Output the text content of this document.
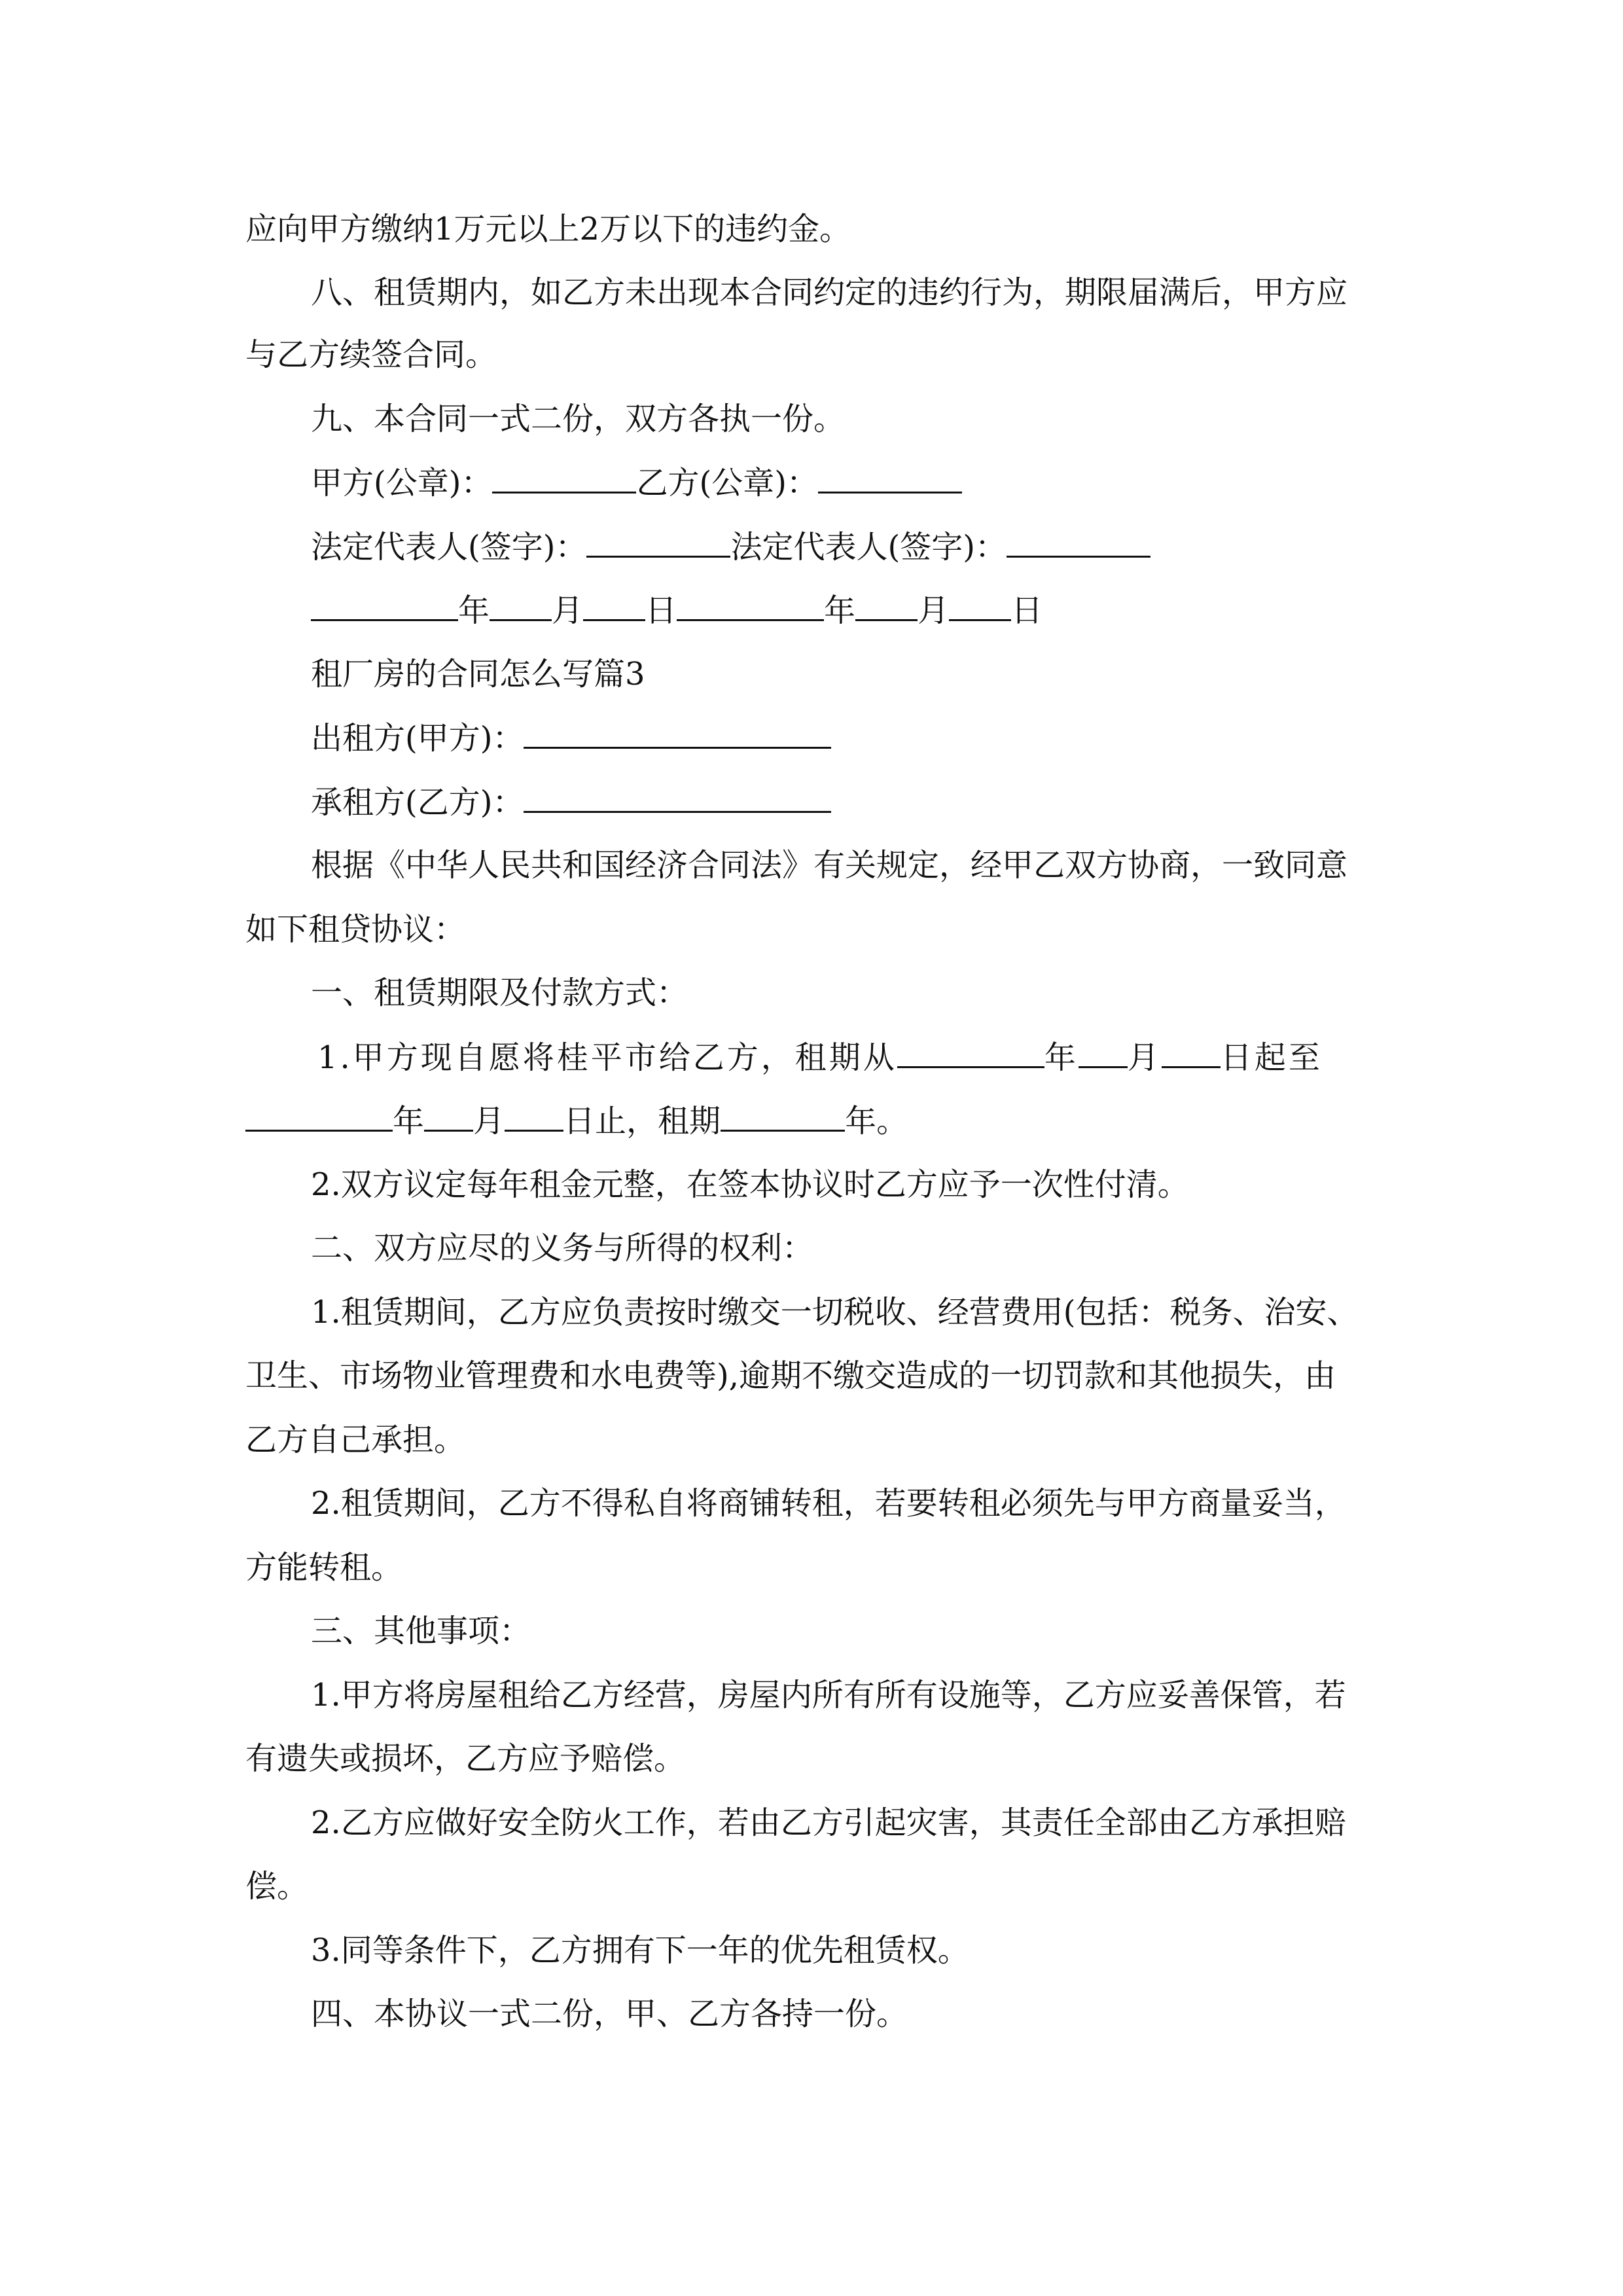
应向甲方缴纳1万元以上2万以下的违约金。
八、租赁期内，如乙方未出现本合同约定的违约行为，期限届满后，甲方应
与乙方续签合同。
九、本合同一式二份，双方各执一份。
甲方(公章)：	乙方(公章)：
法定代表人(签字)：	法定代表人(签字)：
年 月 日	年 月 日
租厂房的合同怎么写篇3
出租方(甲方)：
承租方(乙方)：
根据《中华人民共和国经济合同法》有关规定，经甲乙双方协商，一致同意
如下租贷协议：
一、租赁期限及付款方式：
1.甲方现自愿将桂平市给乙方，租期从	年 月 日起至
年 月 日止，租期	年。
2.双方议定每年租金元整，在签本协议时乙方应予一次性付清。
二、双方应尽的义务与所得的权利：
1.租赁期间，乙方应负责按时缴交一切税收、经营费用(包括：税务、治安、
卫生、市场物业管理费和水电费等),逾期不缴交造成的一切罚款和其他损失，由
乙方自己承担。
2.租赁期间，乙方不得私自将商铺转租，若要转租必须先与甲方商量妥当，
方能转租。
三、其他事项：
1.甲方将房屋租给乙方经营，房屋内所有所有设施等，乙方应妥善保管，若
有遗失或损坏，乙方应予赔偿。
2.乙方应做好安全防火工作，若由乙方引起灾害，其责任全部由乙方承担赔
偿。
3.同等条件下，乙方拥有下一年的优先租赁权。
四、本协议一式二份，甲、乙方各持一份。
